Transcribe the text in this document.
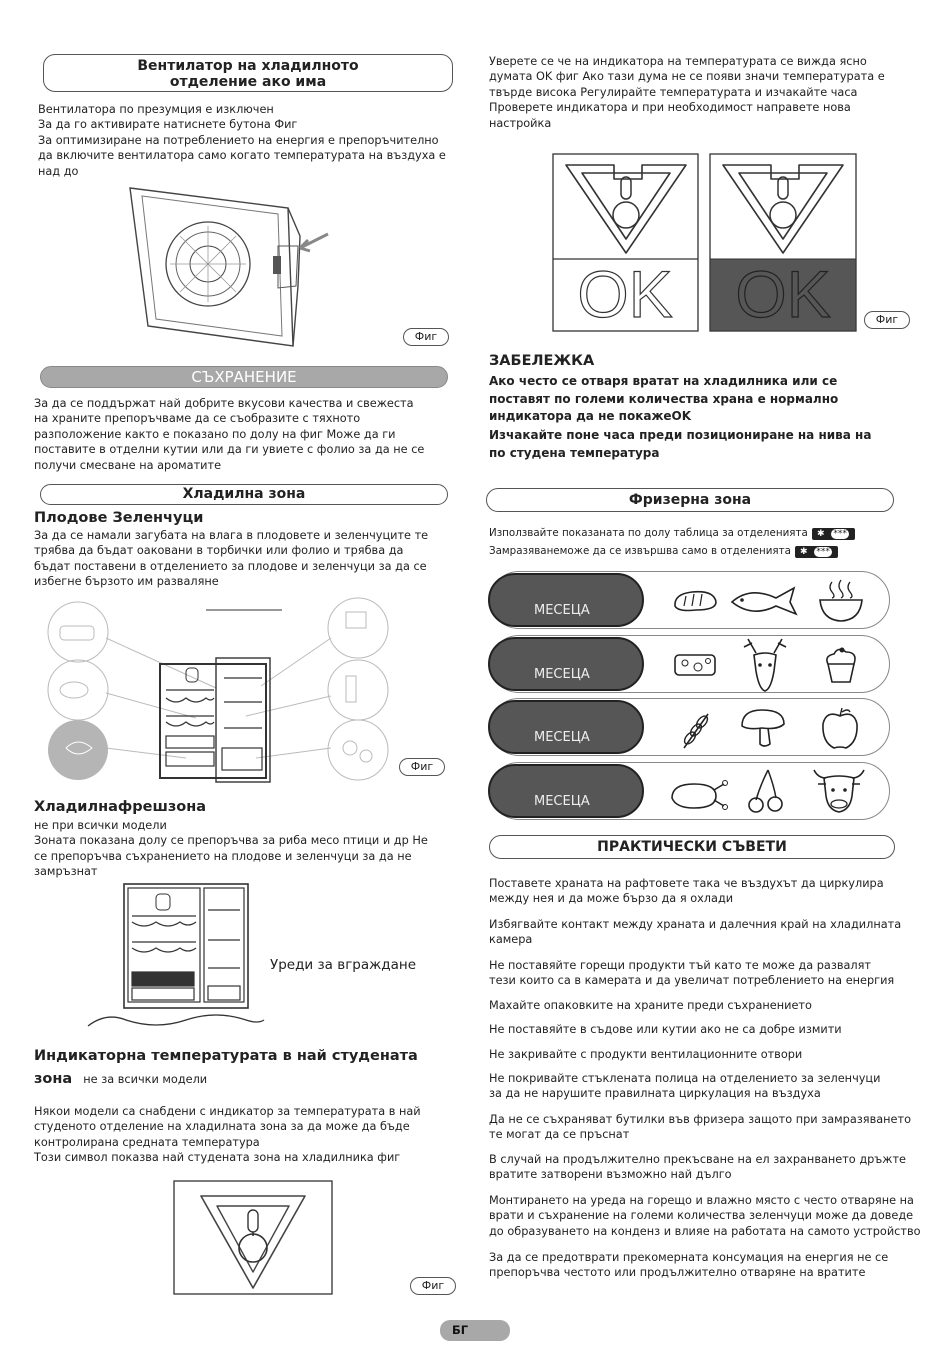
Вентилатор на хладилното
отделение ако има
Вентилатора по презумция е изключен
За да го активирате натиснете бутона Фиг
За оптимизиране на потреблението на енергия е препоръчително
да включите вентилатора само когато температурата на въздуха е
над до
Фиг
СЪХРАНЕНИЕ
За да се поддържат най добрите вкусови качества и свежеста
на храните препоръчваме да се съобразите с тяхното
разположение както е показано по долу на фиг Може да ги
поставите в отделни кутии или да ги увиете с фолио за да не се
получи смесване на ароматите
Хладилна зона
Плодове Зеленчуци
За да се намали загубата на влага в плодовете и зеленчуците те
трябва да бъдат оаковани в торбички или фолио и трябва да
бъдат поставени в отделението за плодове и зеленчуци за да се
избегне бързото им разваляне
Фиг
Хладилнафрешзона
не при всички модели
Зоната показана долу се препоръчва за риба месо птици и др Не
се препоръчва съхранението на плодове и зеленчуци за да не замръзнат
Уреди за вграждане
Индикаторна температурата в най студената
зона не за всички модели
Някои модели са снабдени с индикатор за температурата в най
студеното отделение на хладилната зона за да може да бъде
контролирана средната температура
Този символ показва най студената зона на хладилника фиг
Фиг
Уверете се че на индикатора на температурата се вижда ясно
думата OK фиг Ако тази дума не се появи значи температурата е
твърде висока Регулирайте температурата и изчакайте часа
Проверете индикатора и при необходимост направете нова
настройка
OK OK	Фиг
ЗАБЕЛЕЖКА
Ако често се отваря вратат на хладилника или се
поставят по големи количества храна е нормално
индикатора да не покажеOK
Изчакайте поне часа преди позициониране на нива на
по студена температура
Фризерна зона
Използвайте показаната по долу таблица за отделенията
Замразяванеможе да се извършва само в отделенията
✱ ***
✱ ***
МЕСЕЦА
МЕСЕЦА
МЕСЕЦА
МЕСЕЦА
ПРАКТИЧЕСКИ СЪВЕТИ
Поставете храната на рафтовете така че въздухът да циркулира
между нея и да може бързо да я охлади
Избягвайте контакт между храната и далечния край на хладилната
камера
Не поставяйте горещи продукти тъй като те може да развалят
тези които са в камерата и да увеличат потреблението на енергия
Махайте опаковките на храните преди съхранението
Не поставяйте в съдове или кутии ако не са добре измити
Не закривайте с продукти вентилационните отвори
Не покривайте стъклената полица на отделението за зеленчуци
за да не нарушите правилната циркулация на въздуха
Да не се съхраняват бутилки във фризера защото при замразяването
те могат да се пръснат
В случай на продължително прекъсване на ел захранването дръжте
вратите затворени възможно най дълго
Монтирането на уреда на горещо и влажно място с често отваряне на
врати и съхранение на големи количества зеленчуци може да доведе
до образуването на конденз и влияе на работата на самото устройство
За да се предотврати прекомерната консумация на енергия не се
препоръчва честото или продължително отваряне на вратите
БГ
